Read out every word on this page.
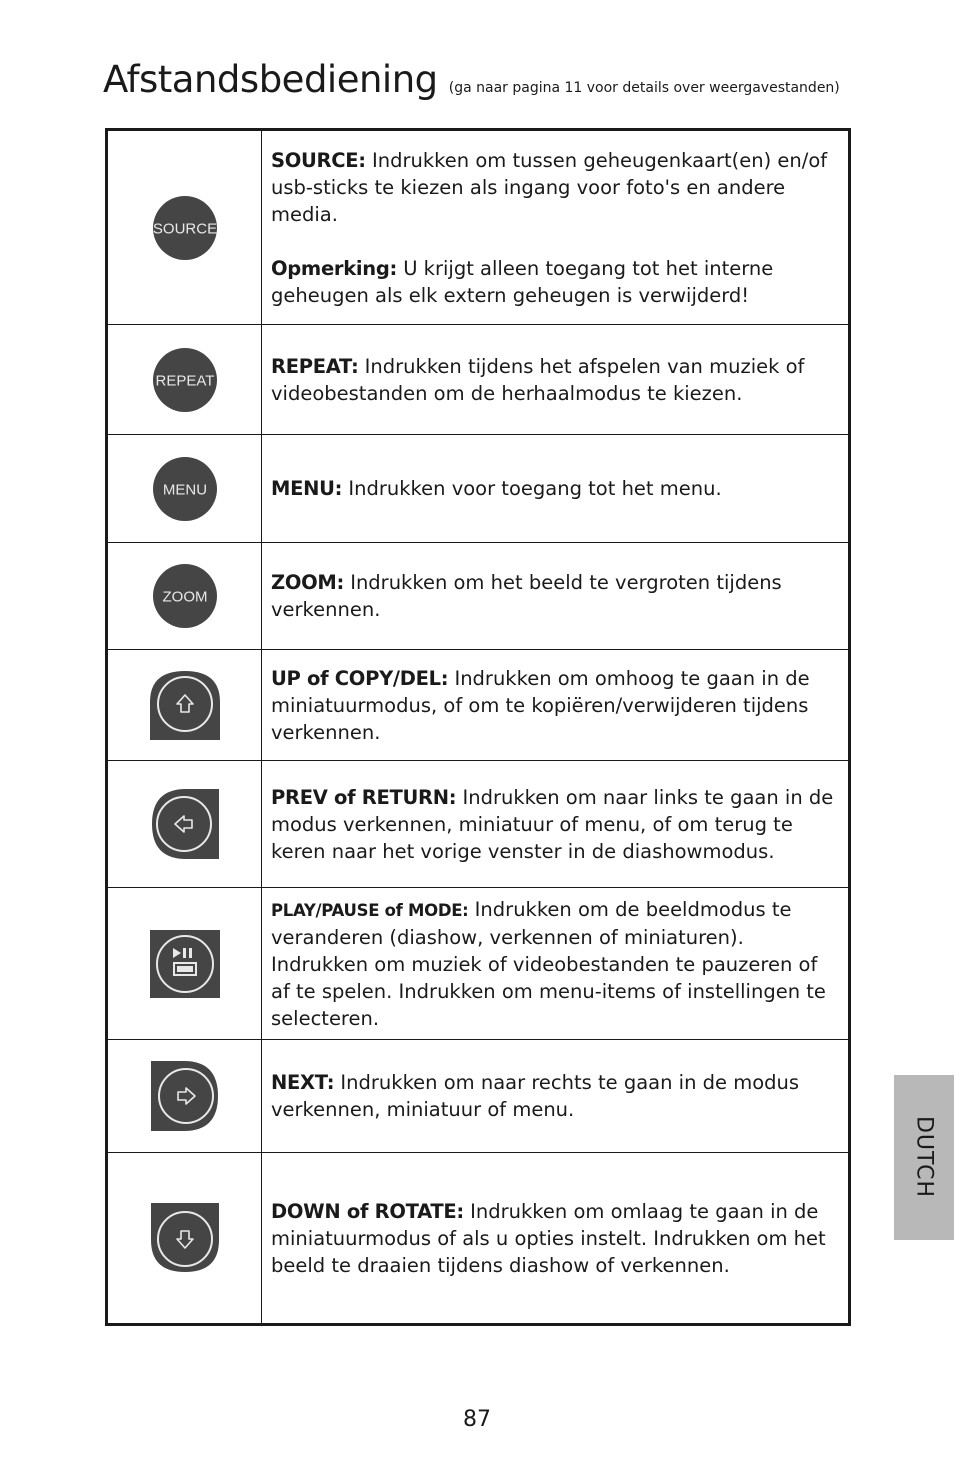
Afstandsbediening (ga naar pagina 11 voor details over weergavestanden)
SOURCE	SOURCE: Indrukken om tussen geheugenkaart(en) en/of usb-sticks te kiezen als ingang voor foto's en andere media.
Opmerking: U krijgt alleen toegang tot het interne geheugen als elk extern geheugen is verwijderd!

REPEAT	REPEAT: Indrukken tijdens het afspelen van muziek of videobestanden om de herhaalmodus te kiezen.

MENU	MENU: Indrukken voor toegang tot het menu.

ZOOM	ZOOM: Indrukken om het beeld te vergroten tijdens verkennen.

	UP of COPY/DEL: Indrukken om omhoog te gaan in de miniatuurmodus, of om te kopiëren/verwijderen tijdens verkennen.

	PREV of RETURN: Indrukken om naar links te gaan in de modus verkennen, miniatuur of menu, of om terug te keren naar het vorige venster in de diashowmodus.

	PLAY/PAUSE of MODE: Indrukken om de beeldmodus te veranderen (diashow, verkennen of miniaturen). Indrukken om muziek of videobestanden te pauzeren of af te spelen. Indrukken om menu-items of instellingen te selecteren.

	NEXT: Indrukken om naar rechts te gaan in de modus verkennen, miniatuur of menu.

	DOWN of ROTATE: Indrukken om omlaag te gaan in de miniatuurmodus of als u opties instelt. Indrukken om het beeld te draaien tijdens diashow of verkennen.
DUTCH
87
